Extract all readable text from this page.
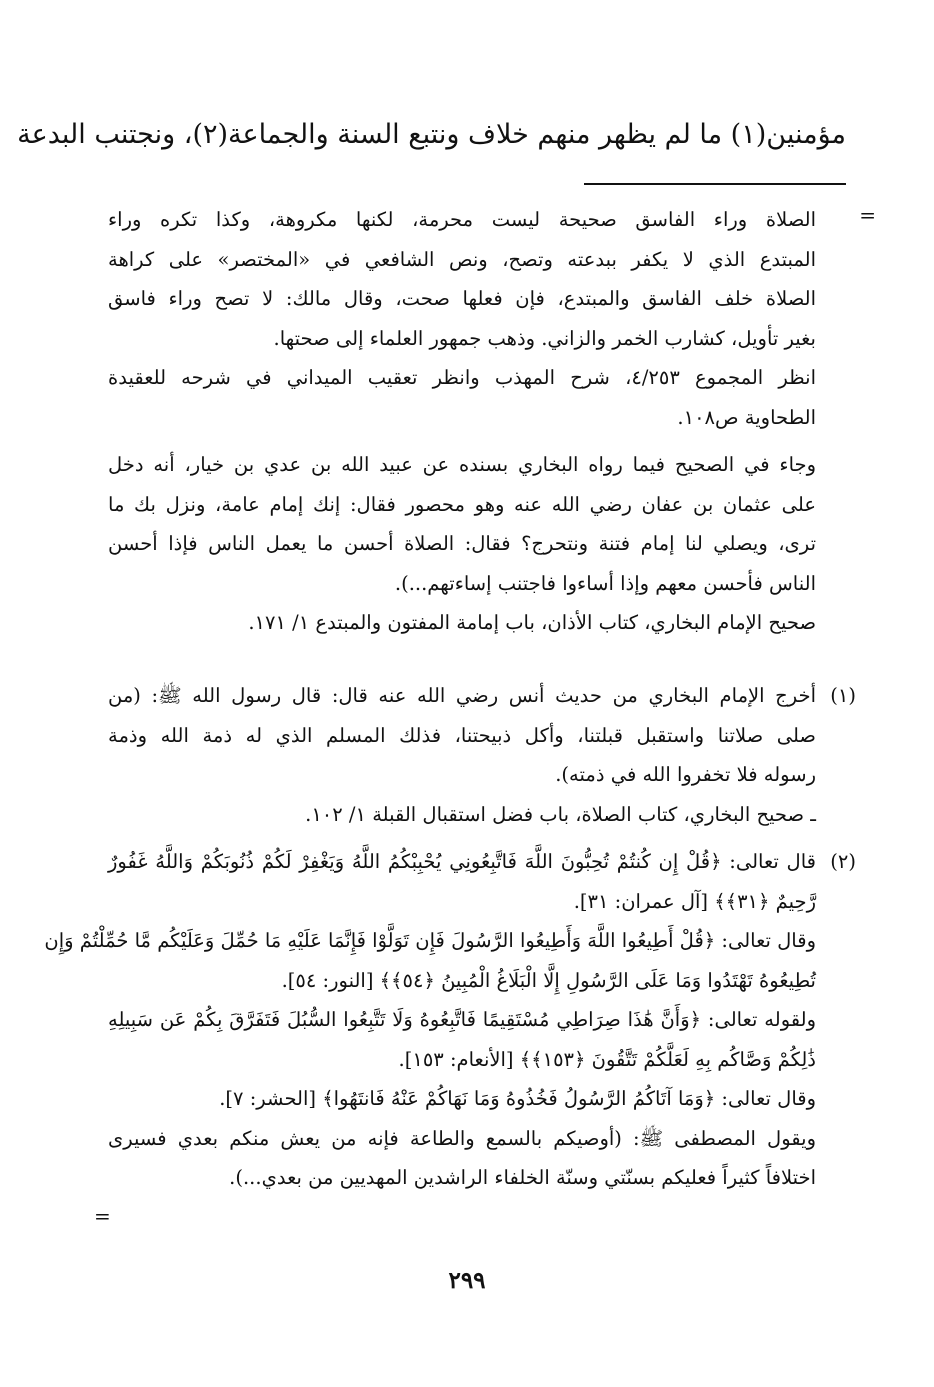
مؤمنين(١) ما لم يظهر منهم خلاف ونتبع السنة والجماعة(٢)، ونجتنب البدعة
=
الصلاة وراء الفاسق صحيحة ليست محرمة، لكنها مكروهة، وكذا تكره وراء
المبتدع الذي لا يكفر ببدعته وتصح، ونص الشافعي في «المختصر» على كراهة
الصلاة خلف الفاسق والمبتدع، فإن فعلها صحت، وقال مالك: لا تصح وراء فاسق
بغير تأويل، كشارب الخمر والزاني. وذهب جمهور العلماء إلى صحتها.
انظر المجموع ٤/٢٥٣، شرح المهذب وانظر تعقيب الميداني في شرحه للعقيدة
الطحاوية ص١٠٨.
وجاء في الصحيح فيما رواه البخاري بسنده عن عبيد الله بن عدي بن خيار، أنه دخل
على عثمان بن عفان رضي الله عنه وهو محصور فقال: إنك إمام عامة، ونزل بك ما
ترى، ويصلي لنا إمام فتنة ونتحرج؟ فقال: الصلاة أحسن ما يعمل الناس فإذا أحسن
الناس فأحسن معهم وإذا أساءوا فاجتنب إساءتهم...).
صحيح الإمام البخاري، كتاب الأذان، باب إمامة المفتون والمبتدع ١/ ١٧١.
(١)
أخرج الإمام البخاري من حديث أنس رضي الله عنه قال: قال رسول الله ﷺ: (من
صلى صلاتنا واستقبل قبلتنا، وأكل ذبيحتنا، فذلك المسلم الذي له ذمة الله وذمة
رسوله فلا تخفروا الله في ذمته).
ـ صحيح البخاري، كتاب الصلاة، باب فضل استقبال القبلة ١/ ١٠٢.
(٢)
قال تعالى: ﴿قُلْ إِن كُنتُمْ تُحِبُّونَ اللَّهَ فَاتَّبِعُونِي يُحْبِبْكُمُ اللَّهُ وَيَغْفِرْ لَكُمْ ذُنُوبَكُمْ وَاللَّهُ غَفُورٌ
رَّحِيمٌ ﴿٣١﴾﴾ [آل عمران: ٣١].
وقال تعالى: ﴿قُلْ أَطِيعُوا اللَّهَ وَأَطِيعُوا الرَّسُولَ فَإِن تَوَلَّوْا فَإِنَّمَا عَلَيْهِ مَا حُمِّلَ وَعَلَيْكُم مَّا حُمِّلْتُمْ وَإِن
تُطِيعُوهُ تَهْتَدُوا وَمَا عَلَى الرَّسُولِ إِلَّا الْبَلَاغُ الْمُبِينُ ﴿٥٤﴾﴾ [النور: ٥٤].
ولقوله تعالى: ﴿وَأَنَّ هَٰذَا صِرَاطِي مُسْتَقِيمًا فَاتَّبِعُوهُ وَلَا تَتَّبِعُوا السُّبُلَ فَتَفَرَّقَ بِكُمْ عَن سَبِيلِهِ
ذَٰلِكُمْ وَصَّاكُم بِهِ لَعَلَّكُمْ تَتَّقُونَ ﴿١٥٣﴾﴾ [الأنعام: ١٥٣].
وقال تعالى: ﴿وَمَا آتَاكُمُ الرَّسُولُ فَخُذُوهُ وَمَا نَهَاكُمْ عَنْهُ فَانتَهُوا﴾ [الحشر: ٧].
ويقول المصطفى ﷺ: (أوصيكم بالسمع والطاعة فإنه من يعش منكم بعدي فسيرى
اختلافاً كثيراً فعليكم بسنّتي وسنّة الخلفاء الراشدين المهديين من بعدي...).
=
٢٩٩
